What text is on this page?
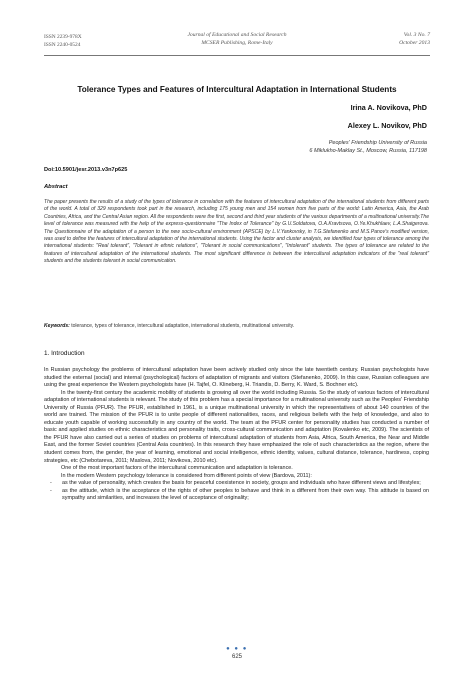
ISSN 2239-978X
ISSN 2240-0524
Journal of Educational and Social Research
MCSER Publishing, Rome-Italy
Vol. 3 No. 7
October 2013
Tolerance Types and Features of Intercultural Adaptation in International Students
Irina A. Novikova, PhD
Alexey L. Novikov, PhD
Peoples' Friendship University of Russia
6 Miklukho-Maklay St., Moscow, Russia, 117198
Doi:10.5901/jesr.2013.v3n7p625
Abstract
The paper presents the results of a study of the types of tolerance in correlation with the features of intercultural adaptation of the international students from different parts of the world. A total of 329 respondents took part in the research, including 175 young men and 154 women from five parts of the world: Latin America, Asia, the Arab Countries, Africa, and the Central Asian region. All the respondents were the first, second and third year students of the various departments of a multinational university.The level of tolerance was measured with the help of the express-questionnaire "The Index of Tolerance" by G.U.Soldatova, O.A.Kravtsova, O.Ye.Khukhlaev, L.A.Shaigerova. The Questionnaire of the adaptation of a person to the new socio-cultural environment (APSCE) by L.V.Yankovsky, in T.G.Stefanenko and M.S.Panov's modified version, was used to define the features of intercultural adaptation of the international students. Using the factor and cluster analysis, we identified four types of tolerance among the international students: "Real tolerant", "Tolerant in ethnic relations", "Tolerant in social communications", "Intolerant" students. The types of tolerance are related to the features of intercultural adaptation of the international students. The most significant difference is between the intercultural adaptation indicators of the "real tolerant" students and the students tolerant in social communication.
Keywords: tolerance, types of tolerance, intercultural adaptation, international students, multinational university.
1. Introduction

In Russian psychology the problems of intercultural adaptation have been actively studied only since the late twentieth century. Russian psychologists have studied the external (social) and internal (psychological) factors of adaptation of migrants and visitors (Stefanenko, 2009). In this case, Russian colleagues are using the great experience the Western psychologists have (H. Tajfel, O. Klineberg, H. Triandis, D. Berry, K. Ward, S. Bochner etc).

In the twenty-first century the academic mobility of students is growing all over the world including Russia. So the study of various factors of intercultural adaptation of international students is relevant. The study of this problem has a special importance for a multinational university such as the Peoples' Friendship University of Russia (PFUR). The PFUR, established in 1961, is a unique multinational university in which the representatives of about 140 countries of the world are trained. The mission of the PFUR is to unite people of different nationalities, races, and religious beliefs with the help of knowledge, and also to educate youth capable of working successfully in any country of the world. The team at the PFUR center for personality studies has conducted a number of basic and applied studies on ethnic characteristics and personality traits, cross-cultural communication and adaptation (Kovalenko etc, 2009). The scientists of the PFUR have also carried out a series of studies on problems of intercultural adaptation of students from Asia, Africa, South America, the Near and Middle East, and the former Soviet countries (Central Asia countries). In this research they have emphasized the role of such characteristics as the region, where the student comes from, the gender, the year of learning, emotional and social intelligence, ethnic identity, values, cultural distance, tolerance, hardiness, coping strategies, etc (Chebotareva, 2011; Maslova, 2011; Novikova, 2010 etc).

One of the most important factors of the intercultural communication and adaptation is tolerance.

In the modern Western psychology tolerance is considered from different points of view (Bardova, 2011):

- as the value of personality, which creates the basis for peaceful coexistence in society, groups and individuals who have different views and lifestyles;

- as the attitude, which is the acceptance of the rights of other peoples to behave and think in a different from their own way. This attitude is based on sympathy and similarities, and increases the level of acceptance of originality;

● ● ●
625
